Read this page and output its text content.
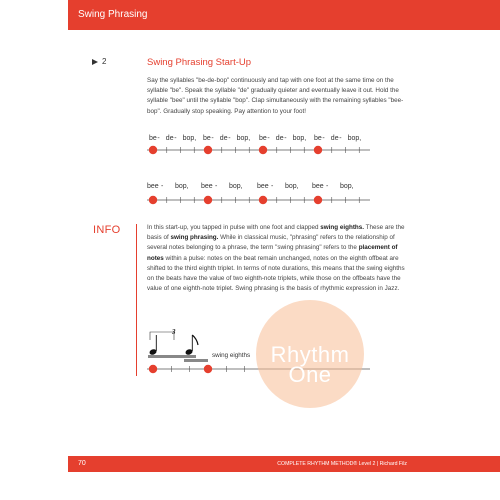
Swing Phrasing
2	Swing Phrasing Start-Up

Say the syllables "be-de-bop" continuously and tap with one foot at the same time on the syllable "be". Speak the syllable "de" gradually quieter and eventually leave it out. Hold the syllable "bee" until the syllable "bop". Clap simultaneously with the remaining syllables "bee-bop". Gradually stop speaking. Pay attention to your foot!

be - de - bop, be - de - bop, be - de - bop, be - de - bop,
bee - bop, bee - bop, bee - bop, bee - bop,
3
swing eighths
INFO	In this start-up, you tapped in pulse with one foot and clapped swing eighths. These are the basis of swing phrasing. While in classical music, "phrasing" refers to the relationship of several notes belonging to a phrase, the term "swing phrasing" refers to the placement of notes within a pulse: notes on the beat remain unchanged, notes on the eighth offbeat are shifted to the third eighth triplet. In terms of note durations, this means that the swing eighths on the beats have the value of two eighth-note triplets, while those on the offbeats have the value of one eighth-note triplet. Swing phrasing is the basis of rhythmic expression in Jazz.

Rhythm
One
70	COMPLETE RHYTHM METHOD® Level 2 | Richard Filz
